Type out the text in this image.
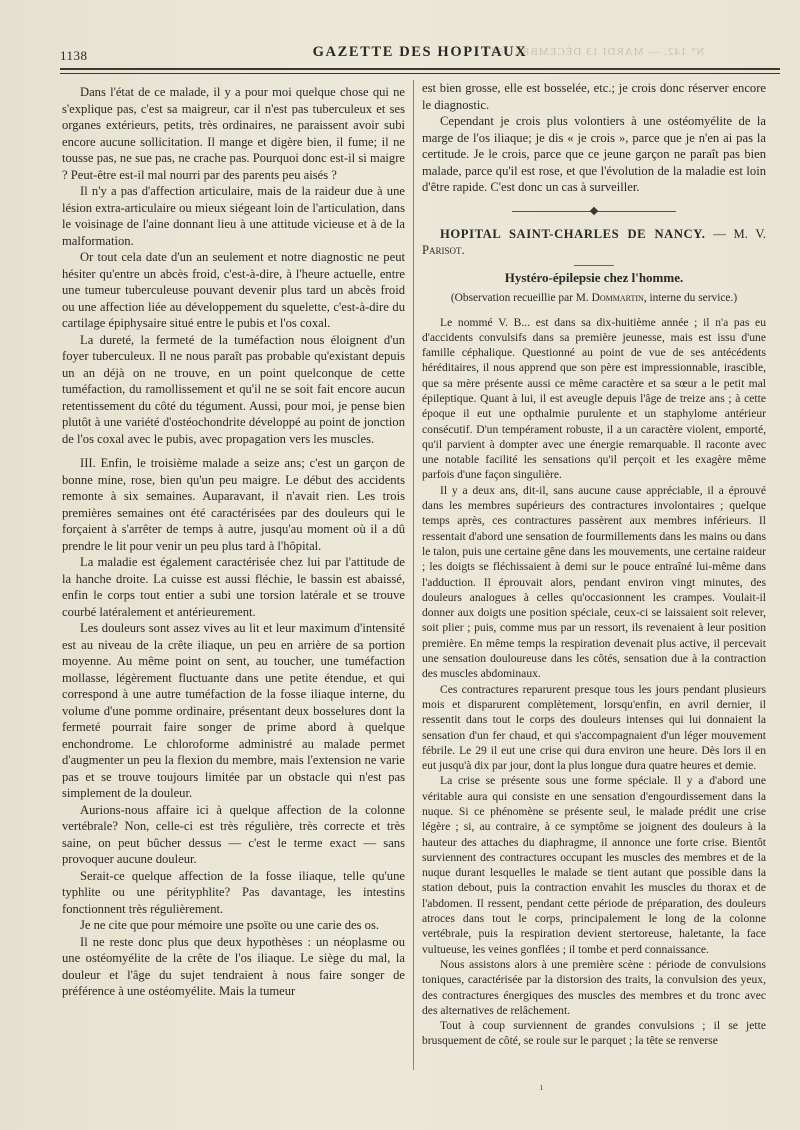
N° 142. — MARDI 13 DÉCEMBRE 1887.
1138	GAZETTE DES HOPITAUX

Dans l'état de ce malade, il y a pour moi quelque chose qui ne s'explique pas, c'est sa maigreur, car il n'est pas tuberculeux et ses organes extérieurs, petits, très ordinaires, ne paraissent avoir subi encore aucune sollicitation. Il mange et digère bien, il fume; il ne tousse pas, ne sue pas, ne crache pas. Pourquoi donc est-il si maigre ? Peut-être est-il mal nourri par des parents peu aisés ?

Il n'y a pas d'affection articulaire, mais de la raideur due à une lésion extra-articulaire ou mieux siégeant loin de l'articulation, dans le voisinage de l'aine donnant lieu à une attitude vicieuse et à de la malformation.

Or tout cela date d'un an seulement et notre diagnostic ne peut hésiter qu'entre un abcès froid, c'est-à-dire, à l'heure actuelle, entre une tumeur tuberculeuse pouvant devenir plus tard un abcès froid ou une affection liée au développement du squelette, c'est-à-dire du cartilage épiphysaire situé entre le pubis et l'os coxal.

La dureté, la fermeté de la tuméfaction nous éloignent d'un foyer tuberculeux. Il ne nous paraît pas probable qu'existant depuis un an déjà on ne trouve, en un point quelconque de cette tuméfaction, du ramollissement et qu'il ne se soit fait encore aucun retentissement du côté du tégument. Aussi, pour moi, je pense bien plutôt à une variété d'ostéochondrite développé au point de jonction de l'os coxal avec le pubis, avec propagation vers les muscles.

III. Enfin, le troisième malade a seize ans; c'est un garçon de bonne mine, rose, bien qu'un peu maigre. Le début des accidents remonte à six semaines. Auparavant, il n'avait rien. Les trois premières semaines ont été caractérisées par des douleurs qui le forçaient à s'arrêter de temps à autre, jusqu'au moment où il a dû prendre le lit pour venir un peu plus tard à l'hôpital.

La maladie est également caractérisée chez lui par l'attitude de la hanche droite. La cuisse est aussi fléchie, le bassin est abaissé, enfin le corps tout entier a subi une torsion latérale et se trouve courbé latéralement et antérieurement.

Les douleurs sont assez vives au lit et leur maximum d'intensité est au niveau de la crête iliaque, un peu en arrière de sa portion moyenne. Au même point on sent, au toucher, une tuméfaction mollasse, légèrement fluctuante dans une petite étendue, et qui correspond à une autre tuméfaction de la fosse iliaque interne, du volume d'une pomme ordinaire, présentant deux bosselures dont la fermeté pourrait faire songer de prime abord à quelque enchondrome. Le chloroforme administré au malade permet d'augmenter un peu la flexion du membre, mais l'extension ne varie pas et se trouve toujours limitée par un obstacle qui n'est pas simplement de la douleur.

Aurions-nous affaire ici à quelque affection de la colonne vertébrale? Non, celle-ci est très régulière, très correcte et très saine, on peut bûcher dessus — c'est le terme exact — sans provoquer aucune douleur.

Serait-ce quelque affection de la fosse iliaque, telle qu'une typhlite ou une pérityphlite? Pas davantage, les intestins fonctionnent très régulièrement.

Je ne cite que pour mémoire une psoïte ou une carie des os.

Il ne reste donc plus que deux hypothèses : un néoplasme ou une ostéomyélite de la crête de l'os iliaque. Le siège du mal, la douleur et l'âge du sujet tendraient à nous faire songer de préférence à une ostéomyélite. Mais la tumeur

est bien grosse, elle est bosselée, etc.; je crois donc réserver encore le diagnostic.

Cependant je crois plus volontiers à une ostéomyélite de la marge de l'os iliaque; je dis « je crois », parce que je n'en ai pas la certitude. Je le crois, parce que ce jeune garçon ne paraît pas bien malade, parce qu'il est rose, et que l'évolution de la maladie est loin d'être rapide. C'est donc un cas à surveiller.

HOPITAL SAINT-CHARLES DE NANCY. — M. V. Parisot.

Hystéro-épilepsie chez l'homme.
(Observation recueillie par M. Dommartin, interne du service.)

Le nommé V. B... est dans sa dix-huitième année ; il n'a pas eu d'accidents convulsifs dans sa première jeunesse, mais est issu d'une famille céphalique. Questionné au point de vue de ses antécédents héréditaires, il nous apprend que son père est impressionnable, irascible, que sa mère présente aussi ce même caractère et sa sœur a le petit mal épileptique. Quant à lui, il est aveugle depuis l'âge de treize ans ; à cette époque il eut une opthalmie purulente et un staphylome antérieur consécutif. D'un tempérament robuste, il a un caractère violent, emporté, qu'il parvient à dompter avec une énergie remarquable. Il raconte avec une notable facilité les sensations qu'il perçoit et les exagère même parfois d'une façon singulière.

Il y a deux ans, dit-il, sans aucune cause appréciable, il a éprouvé dans les membres supérieurs des contractures involontaires ; quelque temps après, ces contractures passèrent aux membres inférieurs. Il ressentait d'abord une sensation de fourmillements dans les mains ou dans le talon, puis une certaine gêne dans les mouvements, une certaine raideur ; les doigts se fléchissaient à demi sur le pouce entraîné lui-même dans l'adduction. Il éprouvait alors, pendant environ vingt minutes, des douleurs analogues à celles qu'occasionnent les crampes. Voulait-il donner aux doigts une position spéciale, ceux-ci se laissaient soit relever, soit plier ; puis, comme mus par un ressort, ils revenaient à leur position première. En même temps la respiration devenait plus active, il percevait une sensation douloureuse dans les côtés, sensation due à la contraction des muscles abdominaux.

Ces contractures reparurent presque tous les jours pendant plusieurs mois et disparurent complètement, lorsqu'enfin, en avril dernier, il ressentit dans tout le corps des douleurs intenses qui lui donnaient la sensation d'un fer chaud, et qui s'accompagnaient d'un léger mouvement fébrile. Le 29 il eut une crise qui dura environ une heure. Dès lors il en eut jusqu'à dix par jour, dont la plus longue dura quatre heures et demie.

La crise se présente sous une forme spéciale. Il y a d'abord une véritable aura qui consiste en une sensation d'engourdissement dans la nuque. Si ce phénomène se présente seul, le malade prédit une crise légère ; si, au contraire, à ce symptôme se joignent des douleurs à la hauteur des attaches du diaphragme, il annonce une forte crise. Bientôt surviennent des contractures occupant les muscles des membres et de la nuque durant lesquelles le malade se tient autant que possible dans la station debout, puis la contraction envahit les muscles du thorax et de l'abdomen. Il ressent, pendant cette période de préparation, des douleurs atroces dans tout le corps, principalement le long de la colonne vertébrale, puis la respiration devient stertoreuse, haletante, la face vultueuse, les veines gonflées ; il tombe et perd connaissance.

Nous assistons alors à une première scène : période de convulsions toniques, caractérisée par la distorsion des traits, la convulsion des yeux, des contractures énergiques des muscles des membres et du tronc avec des alternatives de relâchement.

Tout à coup surviennent de grandes convulsions ; il se jette brusquement de côté, se roule sur le parquet ; la tête se renverse

ı
